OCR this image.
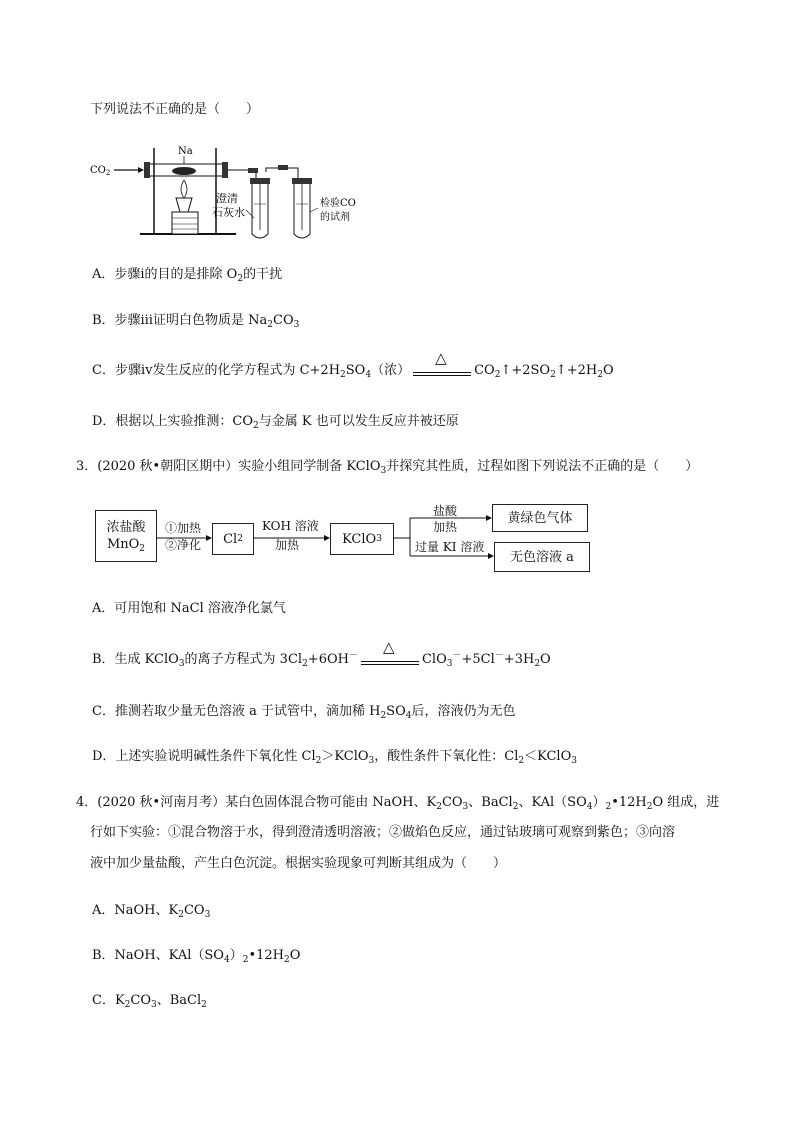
下列说法不正确的是（　　）
$CO_2$
Na
澄清
石灰水
检验CO
的试剂
A．步骤ⅰ的目的是排除 $O_2$的干扰
B．步骤ⅲ证明白色物质是 $Na_2CO_3$
C．步骤ⅳ发生反应的化学方程式为 $C+2H_2SO_4$（浓）
△
$CO_2↑+2SO_2↑+2H_2O$
D．根据以上实验推测：$CO_2$与金属 K 也可以发生反应并被还原
3．(2020 秋•朝阳区期中）实验小组同学制备 KClO$_3$并探究其性质，过程如图下列说法不正确的是（　　）
浓盐酸
MnO$_2$
①加热
②净化 Cl 2
KOH 溶液
加热	KClO 3
盐酸
加热
过量 KI 溶液
黄绿色气体
无色溶液 a
A．可用饱和 NaCl 溶液净化氯气
B．生成 KClO$_3$的离子方程式为 $3Cl_2+6OH^-$
△
$ClO_3^-+5Cl^-+3H_2O$
C．推测若取少量无色溶液 a 于试管中，滴加稀 $H_2SO_4$后，溶液仍为无色
D．上述实验说明碱性条件下氧化性 $Cl_2>KClO_3$，酸性条件下氧化性：$Cl_2<KClO_3$
4．(2020 秋•河南月考）某白色固体混合物可能由 NaOH、$K_2CO_3$、BaCl$_2$、$KAl(SO_4)_2•12H_2O$ 组成，进
行如下实验：①混合物溶于水，得到澄清透明溶液；②做焰色反应，通过钴玻璃可观察到紫色；③向溶
液中加少量盐酸，产生白色沉淀。根据实验现象可判断其组成为（　　）
A．NaOH、$K_2CO_3$
B．NaOH、$KAl(SO_4)_2•12H_2O$
C．$K_2CO_3$、BaCl$_2$
